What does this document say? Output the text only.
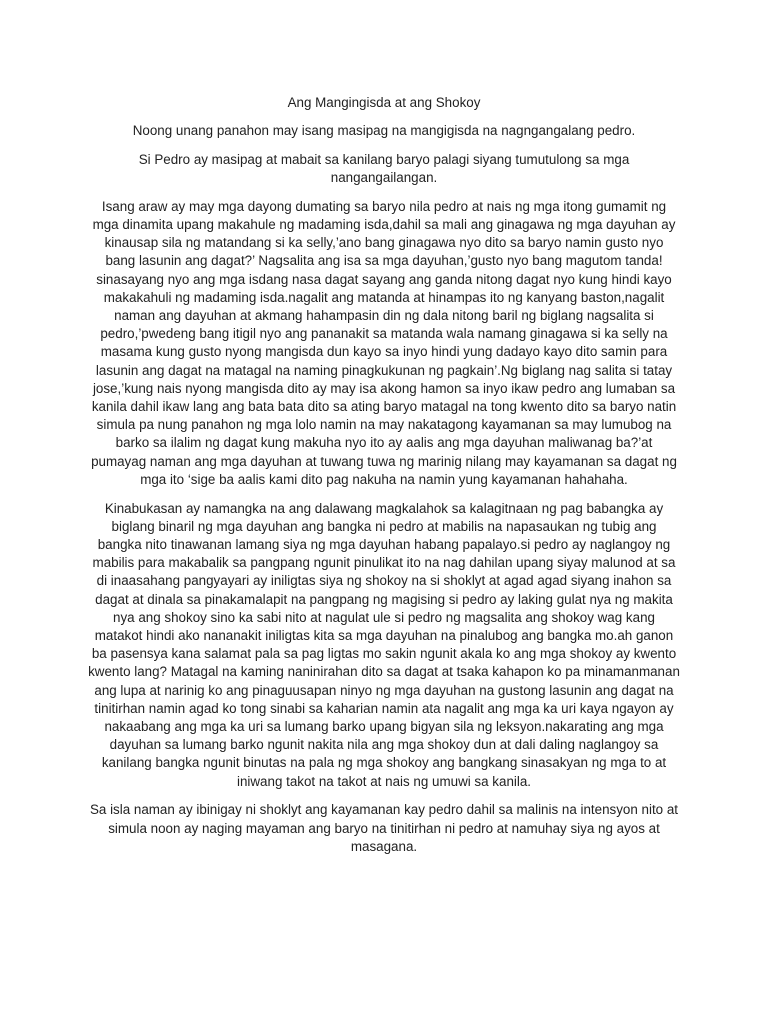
Ang Mangingisda at ang Shokoy

Noong unang panahon may isang masipag na mangigisda na nagngangalang pedro.

Si Pedro ay masipag at mabait sa kanilang baryo palagi siyang tumutulong sa mga nangangailangan.

Isang araw ay may mga dayong dumating sa baryo nila pedro at nais ng mga itong gumamit ng mga dinamita upang makahule ng madaming isda,dahil sa mali ang ginagawa ng mga dayuhan ay kinausap sila ng matandang si ka selly,’ano bang ginagawa nyo dito sa baryo namin gusto nyo bang lasunin ang dagat?’ Nagsalita ang isa sa mga dayuhan,’gusto nyo bang magutom tanda! sinasayang nyo ang mga isdang nasa dagat sayang ang ganda nitong dagat nyo kung hindi kayo makakahuli ng madaming isda.nagalit ang matanda at hinampas ito ng kanyang baston,nagalit naman ang dayuhan at akmang hahampasin din ng dala nitong baril ng biglang nagsalita si pedro,’pwedeng bang itigil nyo ang pananakit sa matanda wala namang ginagawa si ka selly na masama kung gusto nyong mangisda dun kayo sa inyo hindi yung dadayo kayo dito samin para lasunin ang dagat na matagal na naming pinagkukunan ng pagkain’.Ng biglang nag salita si tatay jose,’kung nais nyong mangisda dito ay may isa akong hamon sa inyo ikaw pedro ang lumaban sa kanila dahil ikaw lang ang bata bata dito sa ating baryo matagal na tong kwento dito sa baryo natin simula pa nung panahon ng mga lolo namin na may nakatagong kayamanan sa may lumubog na barko sa ilalim ng dagat kung makuha nyo ito ay aalis ang mga dayuhan maliwanag ba?’at pumayag naman ang mga dayuhan at tuwang tuwa ng marinig nilang may kayamanan sa dagat ng mga ito ‘sige ba aalis kami dito pag nakuha na namin yung kayamanan hahahaha.

Kinabukasan ay namangka na ang dalawang magkalahok sa kalagitnaan ng pag babangka ay biglang binaril ng mga dayuhan ang bangka ni pedro at mabilis na napasaukan ng tubig ang bangka nito tinawanan lamang siya ng mga dayuhan habang papalayo.si pedro ay naglangoy ng mabilis para makabalik sa pangpang ngunit pinulikat ito na nag dahilan upang siyay malunod at sa di inaasahang pangyayari ay iniligtas siya ng shokoy na si shoklyt at agad agad siyang inahon sa dagat at dinala sa pinakamalapit na pangpang ng magising si pedro ay laking gulat nya ng makita nya ang shokoy sino ka sabi nito at nagulat ule si pedro ng magsalita ang shokoy wag kang matakot hindi ako nananakit iniligtas kita sa mga dayuhan na pinalubog ang bangka mo.ah ganon ba pasensya kana salamat pala sa pag ligtas mo sakin ngunit akala ko ang mga shokoy ay kwento kwento lang? Matagal na kaming naninirahan dito sa dagat at tsaka kahapon ko pa minamanmanan ang lupa at narinig ko ang pinaguusapan ninyo ng mga dayuhan na gustong lasunin ang dagat na tinitirhan namin agad ko tong sinabi sa kaharian namin ata nagalit ang mga ka uri kaya ngayon ay nakaabang ang mga ka uri sa lumang barko upang bigyan sila ng leksyon.nakarating ang mga dayuhan sa lumang barko ngunit nakita nila ang mga shokoy dun at dali daling naglangoy sa kanilang bangka ngunit binutas na pala ng mga shokoy ang bangkang sinasakyan ng mga to at iniwang takot na takot at nais ng umuwi sa kanila.

Sa isla naman ay ibinigay ni shoklyt ang kayamanan kay pedro dahil sa malinis na intensyon nito at simula noon ay naging mayaman ang baryo na tinitirhan ni pedro at namuhay siya ng ayos at masagana.
